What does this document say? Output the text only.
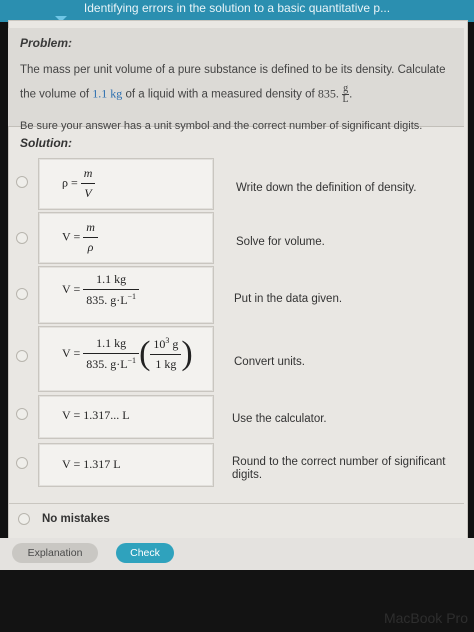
Identifying errors in the solution to a basic quantitative p...
Problem:
The mass per unit volume of a pure substance is defined to be its density. Calculate
the volume of 1.1 kg of a liquid with a measured density of 835. $\frac{g}{L}$ .
Be sure your answer has a unit symbol and the correct number of significant digits.
Solution:
$\rho = \frac{m}{V}$	Write down the definition of density.
$V = \frac{m}{\rho}$	Solve for volume.
$V = \frac{1.1 kg}{835. g\cdot L^{-1}}$	Put in the data given.
$V = \frac{1.1 kg}{835. g\cdot L^{-1}}$ ( $\frac{10^3 g}{1 kg}$ )	Convert units.
V = 1.317... L	Use the calculator.
V = 1.317 L	Round to the correct number of significant digits.
No mistakes
Explanation	Check
MacBook Pro
